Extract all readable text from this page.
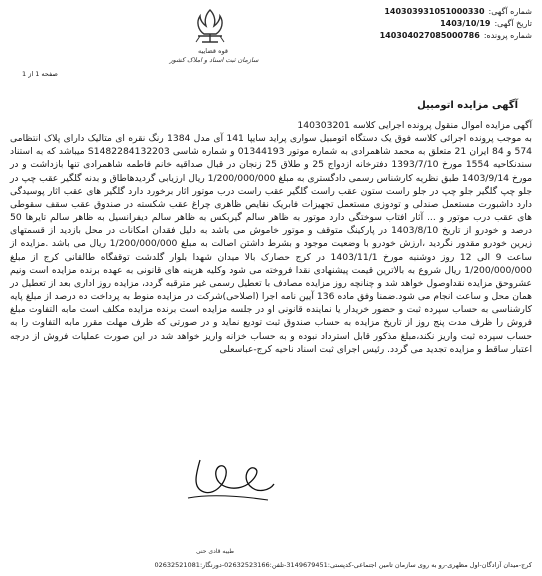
قوه قضاییه
سازمان ثبت اسناد و املاک کشور
شماره آگهی:
140303931051000330
تاریخ آگهی:
1403/10/19
شماره پرونده:
140304027085000786
صفحه 1 از 1
آگهی مزایده اتومبیل

آگهی مزایده اموال منقول پرونده اجرایی کلاسه 140303201

به موجب پرونده اجرائی کلاسه فوق یک دستگاه اتومبیل سواری پراید سایپا 141 آی مدل 1384 رنگ نقره ای متالیک دارای پلاک انتظامی 574 و 84 ایران 21 متعلق به محمد شاهمرادی به شماره موتور 01344193 و شماره شاسی S1482284132203 میباشد که به استناد سندنکاحیه 1554 مورخ 1393/7/10 دفترخانه ازدواج 25 و طلاق 25 زنجان در قبال صداقیه خانم فاطمه شاهمرادی تنها بازداشت و در مورخ 1403/9/14 طبق نظریه کارشناس رسمی دادگستری به مبلغ 1/200/000/000 ریال ارزیابی گردیدهاطاق و بدنه گلگیر عقب چپ در جلو چپ گلگیر جلو چپ در جلو راست ستون عقب راست گلگیر عقب راست درب موتور اثار برخورد دارد گلگیر های عقب اثار پوسیدگی دارد داشبورت مستعمل صندلی و تودوزی مستعمل تجهیزات فابریک نقایص ظاهری چراغ عقب شکسته در صندوق عقب سقف سقوطی های عقب درب موتور و ... آثار افتاب سوختگی دارد موتور به ظاهر سالم گیربکس به ظاهر سالم دیفرانسیل به ظاهر سالم تایرها 50 درصد و خودرو از تاریخ 1403/8/10 در پارکینگ متوقف و موتور خاموش می باشد به دلیل فقدان امکانات در محل بازدید از قسمتهای زیرین خودرو مقدور نگردید ،ارزش خودرو با وضعیت موجود و بشرط داشتن اصالت به مبلغ 1/200/000/000 ریال می باشد .مزایده از ساعت 9 الی 12 روز دوشنبه مورخ 1403/11/1 در کرج حصارک بالا میدان شهدا بلوار گلدشت توقفگاه طالقانی کرج از مبلغ 1/200/000/000 ریال شروع به بالاترین قیمت پیشنهادی نقدا فروخته می شود وکلیه هزینه های قانونی به عهده برنده مزایده است ونیم عشروحق مزایده نقداوصول خواهد شد و چنانچه روز مزایده مصادف با تعطیل رسمی غیر مترقبه گردد، مزایده روز اداری بعد از تعطیل در همان محل و ساعت انجام می شود.ضمنا وفق ماده 136 آیین نامه اجرا (اصلاحی)شرکت در مزایده منوط به پرداخت ده درصد از مبلغ پایه کارشناسی به حساب سپرده ثبت و حضور خریدار یا نماینده قانونی او در جلسه مزایده است برنده مزایده مکلف است مابه التفاوت مبلغ فروش را ظرف مدت پنج روز از تاریخ مزایده به حساب صندوق ثبت تودیع نماید و در صورتی که ظرف مهلت مقرر مابه التفاوت را به حساب سپرده ثبت واریز نکند،مبلغ مذکور قابل استرداد نبوده و به حساب خزانه واریز خواهد شد در این صورت عملیات فروش از درجه اعتبار ساقط و مزایده تجدید می گردد. رئیس اجرای ثبت اسناد ناحیه کرج-عباسعلی

طیبه قادی حنی
کرج-میدان آزادگان-اول مظهری-رو به روی سازمان تامین اجتماعی-کدپستی:3149679451-تلفن:02632523166-دورنگار:02632521081
